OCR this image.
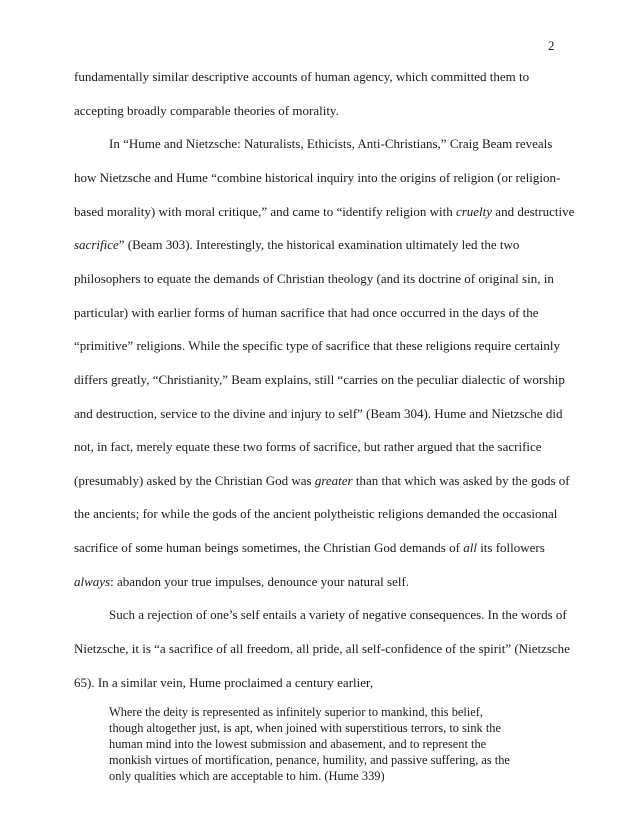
2
fundamentally similar descriptive accounts of human agency, which committed them to
accepting broadly comparable theories of morality.
In “Hume and Nietzsche: Naturalists, Ethicists, Anti-Christians,” Craig Beam reveals
how Nietzsche and Hume “combine historical inquiry into the origins of religion (or religion-
based morality) with moral critique,” and came to “identify religion with cruelty and destructive
sacrifice” (Beam 303). Interestingly, the historical examination ultimately led the two
philosophers to equate the demands of Christian theology (and its doctrine of original sin, in
particular) with earlier forms of human sacrifice that had once occurred in the days of the
“primitive” religions. While the specific type of sacrifice that these religions require certainly
differs greatly, “Christianity,” Beam explains, still “carries on the peculiar dialectic of worship
and destruction, service to the divine and injury to self” (Beam 304). Hume and Nietzsche did
not, in fact, merely equate these two forms of sacrifice, but rather argued that the sacrifice
(presumably) asked by the Christian God was greater than that which was asked by the gods of
the ancients; for while the gods of the ancient polytheistic religions demanded the occasional
sacrifice of some human beings sometimes, the Christian God demands of all its followers
always: abandon your true impulses, denounce your natural self.
Such a rejection of one’s self entails a variety of negative consequences. In the words of
Nietzsche, it is “a sacrifice of all freedom, all pride, all self-confidence of the spirit” (Nietzsche
65). In a similar vein, Hume proclaimed a century earlier,
Where the deity is represented as infinitely superior to mankind, this belief,
though altogether just, is apt, when joined with superstitious terrors, to sink the
human mind into the lowest submission and abasement, and to represent the
monkish virtues of mortification, penance, humility, and passive suffering, as the
only qualities which are acceptable to him. (Hume 339)
